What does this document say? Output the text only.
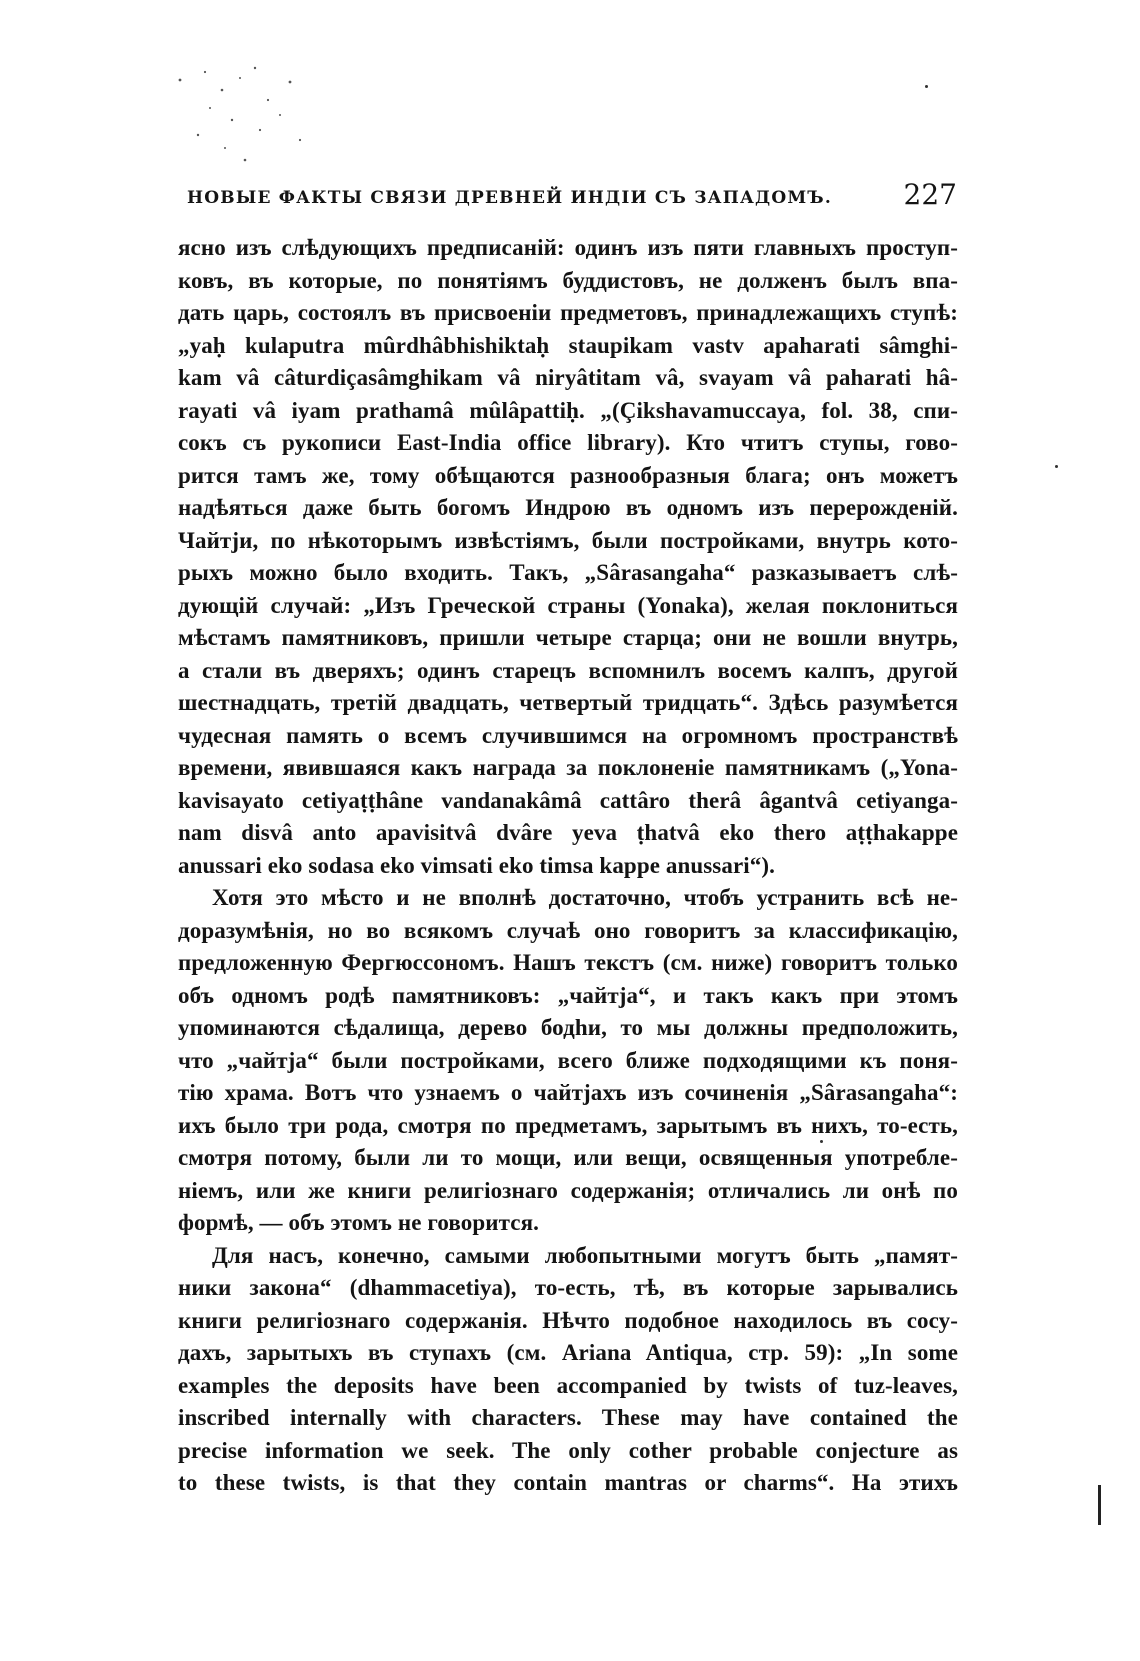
НОВЫЕ ФАКТЫ СВЯЗИ ДРЕВНЕЙ ИНДІИ СЪ ЗАПАДОМЪ.	227
ясно изъ слѣдующихъ предписаній: одинъ изъ пяти главныхъ проступ-
ковъ, въ которые, по понятіямъ буддистовъ, не долженъ былъ впа-
дать царь, состоялъ въ присвоеніи предметовъ, принадлежащихъ ступѣ:
„yaḥ kulaputra mûrdhâbhishiktaḥ staupikam vastv apaharati sâmghi-
kam vâ câturdiçasâmghikam vâ niryâtitam vâ, svayam vâ paharati hâ-
rayati vâ iyam prathamâ mûlâpattiḥ. „(Çikshavamuccaya, fol. 38, спи-
сокъ съ рукописи East-India office library). Кто чтитъ ступы, гово-
рится тамъ же, тому обѣщаются разнообразныя блага; онъ можетъ
надѣяться даже быть богомъ Индрою въ одномъ изъ перерожденій.
Чайтји, по нѣкоторымъ извѣстіямъ, были постройками, внутрь кото-
рыхъ можно было входить. Такъ, „Sârasangaha“ разказываетъ слѣ-
дующій случай: „Изъ Греческой страны (Yonaka), желая поклониться
мѣстамъ памятниковъ, пришли четыре старца; они не вошли внутрь,
а стали въ дверяхъ; одинъ старецъ вспомнилъ восемъ калпъ, другой
шестнадцать, третій двадцать, четвертый тридцать“. Здѣсь разумѣется
чудесная память о всемъ случившимся на огромномъ пространствѣ
времени, явившаяся какъ награда за поклоненіе памятникамъ („Yona-
kavisayato cetiyaṭṭhâne vandanakâmâ cattâro therâ âgantvâ cetiyanga-
nam disvâ anto apavisitvâ dvâre yeva ṭhatvâ eko thero aṭṭhakappe
anussari eko sodasa eko vimsati eko timsa kappe anussari“).
Хотя это мѣсто и не вполнѣ достаточно, чтобъ устранить всѣ не-
доразумѣнія, но во всякомъ случаѣ оно говоритъ за классификацію,
предложенную Фергюссономъ. Нашъ текстъ (см. ниже) говоритъ только
объ одномъ родѣ памятниковъ: „чайтја“, и такъ какъ при этомъ
упоминаются сѣдалища, дерево бодhи, то мы должны предположить,
что „чайтја“ были постройками, всего ближе подходящими къ поня-
тію храма. Вотъ что узнаемъ о чайтјахъ изъ сочиненія „Sârasangaha“:
ихъ было три рода, смотря по предметамъ, зарытымъ въ нихъ, то-есть,
смотря потому, были ли то мощи, или вещи, освященныя употребле-
ніемъ, или же книги религіознаго содержанія; отличались ли онѣ по
формѣ, — объ этомъ не говорится.
Для насъ, конечно, самыми любопытными могутъ быть „памят-
ники закона“ (dhammacetiya), то-есть, тѣ, въ которые зарывались
книги религіознаго содержанія. Нѣчто подобное находилось въ сосу-
дахъ, зарытыхъ въ ступахъ (см. Ariana Antiqua, стр. 59): „In some
examples the deposits have been accompanied by twists of tuz-leaves,
inscribed internally with characters. These may have contained the
precise information we seek. The only cother probable conjecture as
to these twists, is that they contain mantras or charms“. На этихъ
